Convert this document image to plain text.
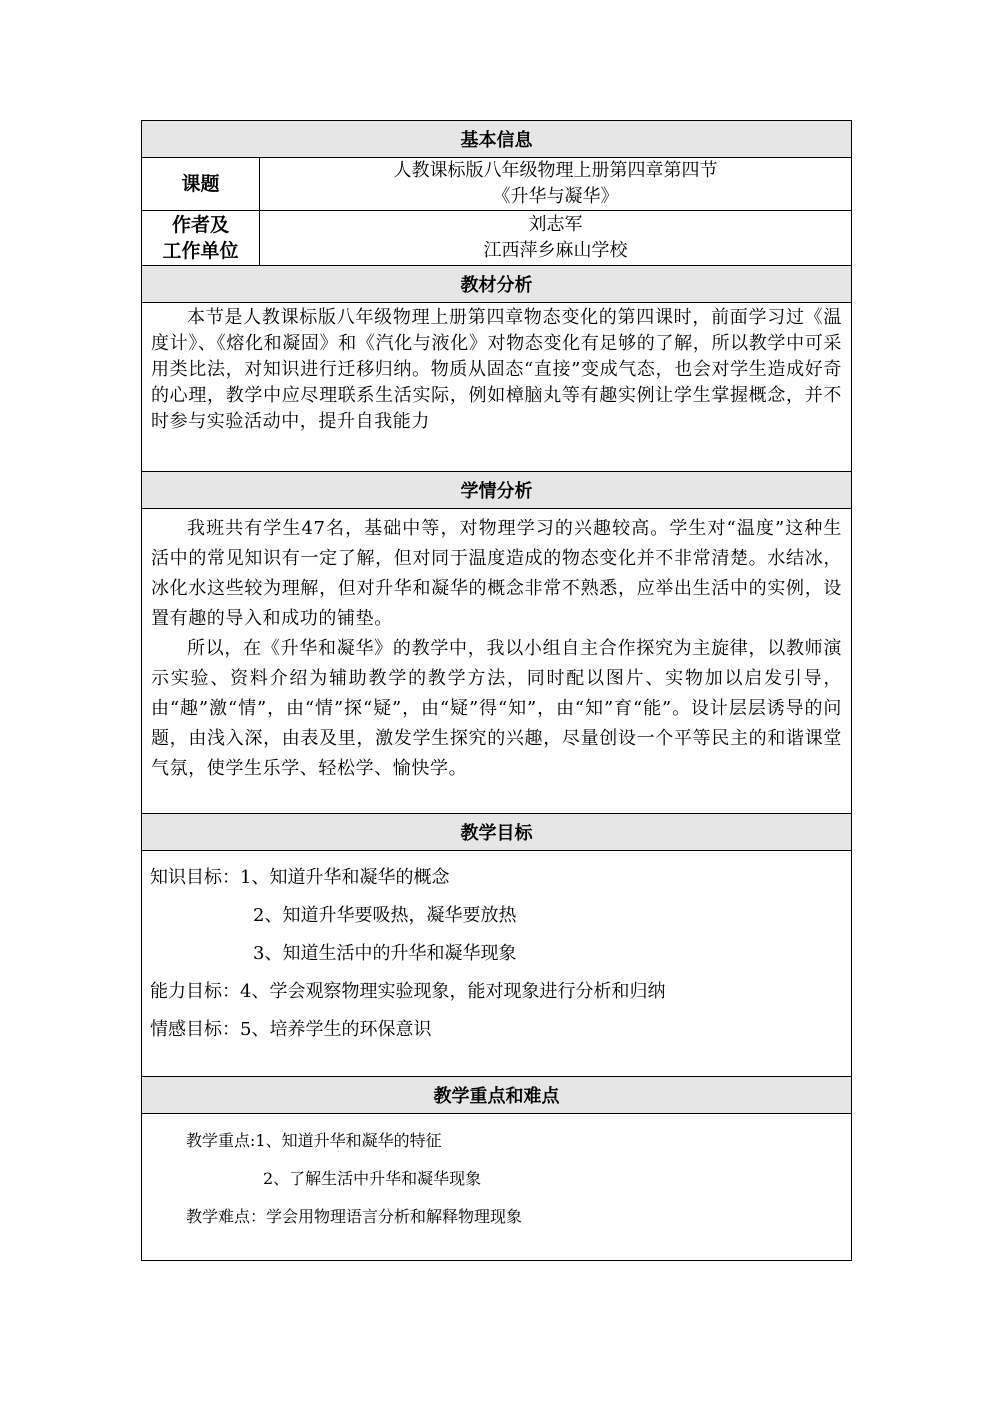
基本信息
课题
人教课标版八年级物理上册第四章第四节
《升华与凝华》
作者及
工作单位
刘志军
江西萍乡麻山学校
教材分析

本节是人教课标版八年级物理上册第四章物态变化的第四课时，前面学习过《温度计》、《熔化和凝固》和《汽化与液化》对物态变化有足够的了解，所以教学中可采用类比法，对知识进行迁移归纳。物质从固态“直接”变成气态，也会对学生造成好奇的心理，教学中应尽理联系生活实际，例如樟脑丸等有趣实例让学生掌握概念，并不时参与实验活动中，提升自我能力

学情分析

我班共有学生47名，基础中等，对物理学习的兴趣较高。学生对“温度”这种生活中的常见知识有一定了解，但对同于温度造成的物态变化并不非常清楚。水结冰，冰化水这些较为理解，但对升华和凝华的概念非常不熟悉，应举出生活中的实例，设置有趣的导入和成功的铺垫。

所以，在《升华和凝华》的教学中，我以小组自主合作探究为主旋律，以教师演示实验、资料介绍为辅助教学的教学方法，同时配以图片、实物加以启发引导，由“趣”激“情”，由“情”探“疑”，由“疑”得“知”，由“知”育“能”。设计层层诱导的问题，由浅入深，由表及里，激发学生探究的兴趣，尽量创设一个平等民主的和谐课堂气氛，使学生乐学、轻松学、愉快学。

教学目标
知识目标：1、知道升华和凝华的概念
2、知道升华要吸热，凝华要放热
3、知道生活中的升华和凝华现象
能力目标：4、学会观察物理实验现象，能对现象进行分析和归纳
情感目标：5、培养学生的环保意识
教学重点和难点
教学重点:1、知道升华和凝华的特征
2、了解生活中升华和凝华现象
教学难点：学会用物理语言分析和解释物理现象
